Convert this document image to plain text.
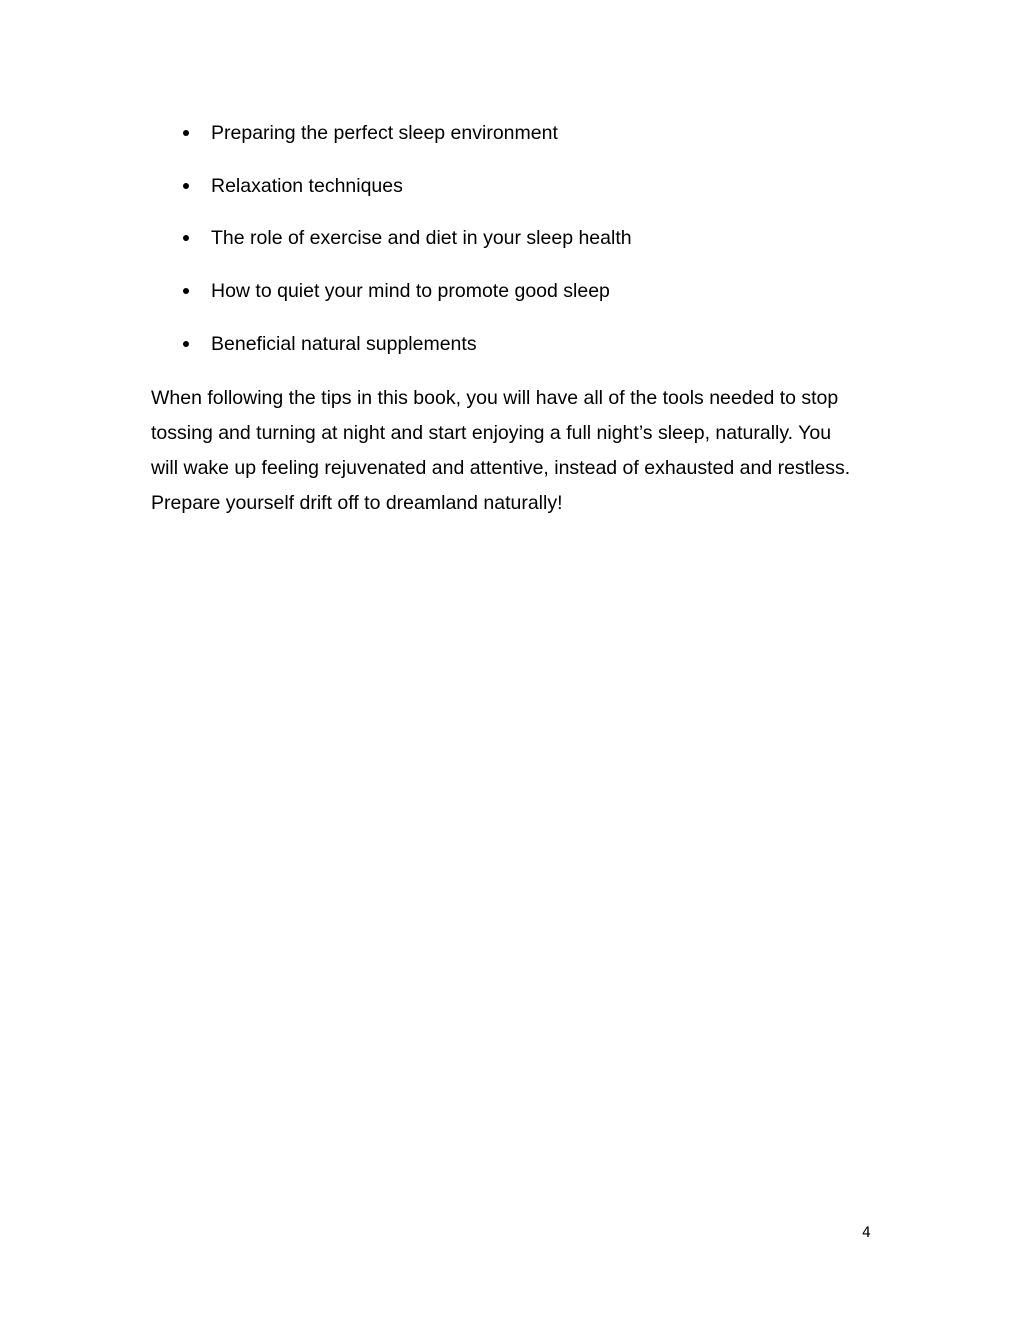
Preparing the perfect sleep environment
Relaxation techniques
The role of exercise and diet in your sleep health
How to quiet your mind to promote good sleep
Beneficial natural supplements

When following the tips in this book, you will have all of the tools needed to stop
tossing and turning at night and start enjoying a full night’s sleep, naturally. You
will wake up feeling rejuvenated and attentive, instead of exhausted and restless.
Prepare yourself drift off to dreamland naturally!

4
